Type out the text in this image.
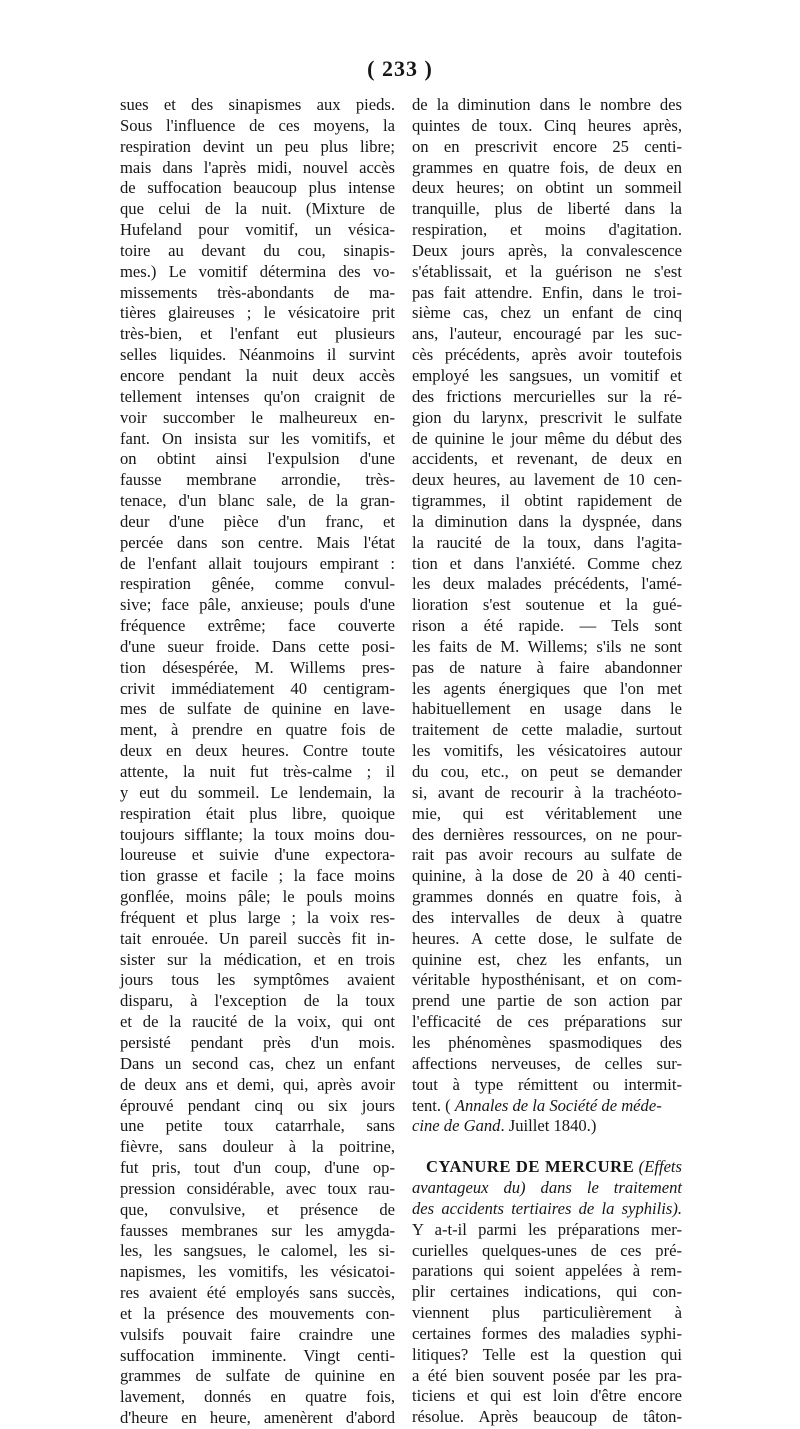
( 233 )
sues et des sinapismes aux pieds.
Sous l'influence de ces moyens, la
respiration devint un peu plus libre;
mais dans l'après midi, nouvel accès
de suffocation beaucoup plus intense
que celui de la nuit. (Mixture de
Hufeland pour vomitif, un vésica-
toire au devant du cou, sinapis-
mes.) Le vomitif détermina des vo-
missements très-abondants de ma-
tières glaireuses ; le vésicatoire prit
très-bien, et l'enfant eut plusieurs
selles liquides. Néanmoins il survint
encore pendant la nuit deux accès
tellement intenses qu'on craignit de
voir succomber le malheureux en-
fant. On insista sur les vomitifs, et
on obtint ainsi l'expulsion d'une
fausse membrane arrondie, très-
tenace, d'un blanc sale, de la gran-
deur d'une pièce d'un franc, et
percée dans son centre. Mais l'état
de l'enfant allait toujours empirant :
respiration gênée, comme convul-
sive; face pâle, anxieuse; pouls d'une
fréquence extrême; face couverte
d'une sueur froide. Dans cette posi-
tion désespérée, M. Willems pres-
crivit immédiatement 40 centigram-
mes de sulfate de quinine en lave-
ment, à prendre en quatre fois de
deux en deux heures. Contre toute
attente, la nuit fut très-calme ; il
y eut du sommeil. Le lendemain, la
respiration était plus libre, quoique
toujours sifflante; la toux moins dou-
loureuse et suivie d'une expectora-
tion grasse et facile ; la face moins
gonflée, moins pâle; le pouls moins
fréquent et plus large ; la voix res-
tait enrouée. Un pareil succès fit in-
sister sur la médication, et en trois
jours tous les symptômes avaient
disparu, à l'exception de la toux
et de la raucité de la voix, qui ont
persisté pendant près d'un mois.
Dans un second cas, chez un enfant
de deux ans et demi, qui, après avoir
éprouvé pendant cinq ou six jours
une petite toux catarrhale, sans
fièvre, sans douleur à la poitrine,
fut pris, tout d'un coup, d'une op-
pression considérable, avec toux rau-
que, convulsive, et présence de
fausses membranes sur les amygda-
les, les sangsues, le calomel, les si-
napismes, les vomitifs, les vésicatoi-
res avaient été employés sans succès,
et la présence des mouvements con-
vulsifs pouvait faire craindre une
suffocation imminente. Vingt centi-
grammes de sulfate de quinine en
lavement, donnés en quatre fois,
d'heure en heure, amenèrent d'abord
de la diminution dans le nombre des
quintes de toux. Cinq heures après,
on en prescrivit encore 25 centi-
grammes en quatre fois, de deux en
deux heures; on obtint un sommeil
tranquille, plus de liberté dans la
respiration, et moins d'agitation.
Deux jours après, la convalescence
s'établissait, et la guérison ne s'est
pas fait attendre. Enfin, dans le troi-
sième cas, chez un enfant de cinq
ans, l'auteur, encouragé par les suc-
cès précédents, après avoir toutefois
employé les sangsues, un vomitif et
des frictions mercurielles sur la ré-
gion du larynx, prescrivit le sulfate
de quinine le jour même du début des
accidents, et revenant, de deux en
deux heures, au lavement de 10 cen-
tigrammes, il obtint rapidement de
la diminution dans la dyspnée, dans
la raucité de la toux, dans l'agita-
tion et dans l'anxiété. Comme chez
les deux malades précédents, l'amé-
lioration s'est soutenue et la gué-
rison a été rapide. — Tels sont
les faits de M. Willems; s'ils ne sont
pas de nature à faire abandonner
les agents énergiques que l'on met
habituellement en usage dans le
traitement de cette maladie, surtout
les vomitifs, les vésicatoires autour
du cou, etc., on peut se demander
si, avant de recourir à la trachéoto-
mie, qui est véritablement une
des dernières ressources, on ne pour-
rait pas avoir recours au sulfate de
quinine, à la dose de 20 à 40 centi-
grammes donnés en quatre fois, à
des intervalles de deux à quatre
heures. A cette dose, le sulfate de
quinine est, chez les enfants, un
véritable hyposthénisant, et on com-
prend une partie de son action par
l'efficacité de ces préparations sur
les phénomènes spasmodiques des
affections nerveuses, de celles sur-
tout à type rémittent ou intermit-
tent. ( Annales de la Société de méde-
cine de Gand. Juillet 1840.)
CYANURE DE MERCURE (Effets
avantageux du) dans le traitement
des accidents tertiaires de la syphilis).
Y a-t-il parmi les préparations mer-
curielles quelques-unes de ces pré-
parations qui soient appelées à rem-
plir certaines indications, qui con-
viennent plus particulièrement à
certaines formes des maladies syphi-
litiques? Telle est la question qui
a été bien souvent posée par les pra-
ticiens et qui est loin d'être encore
résolue. Après beaucoup de tâton-
